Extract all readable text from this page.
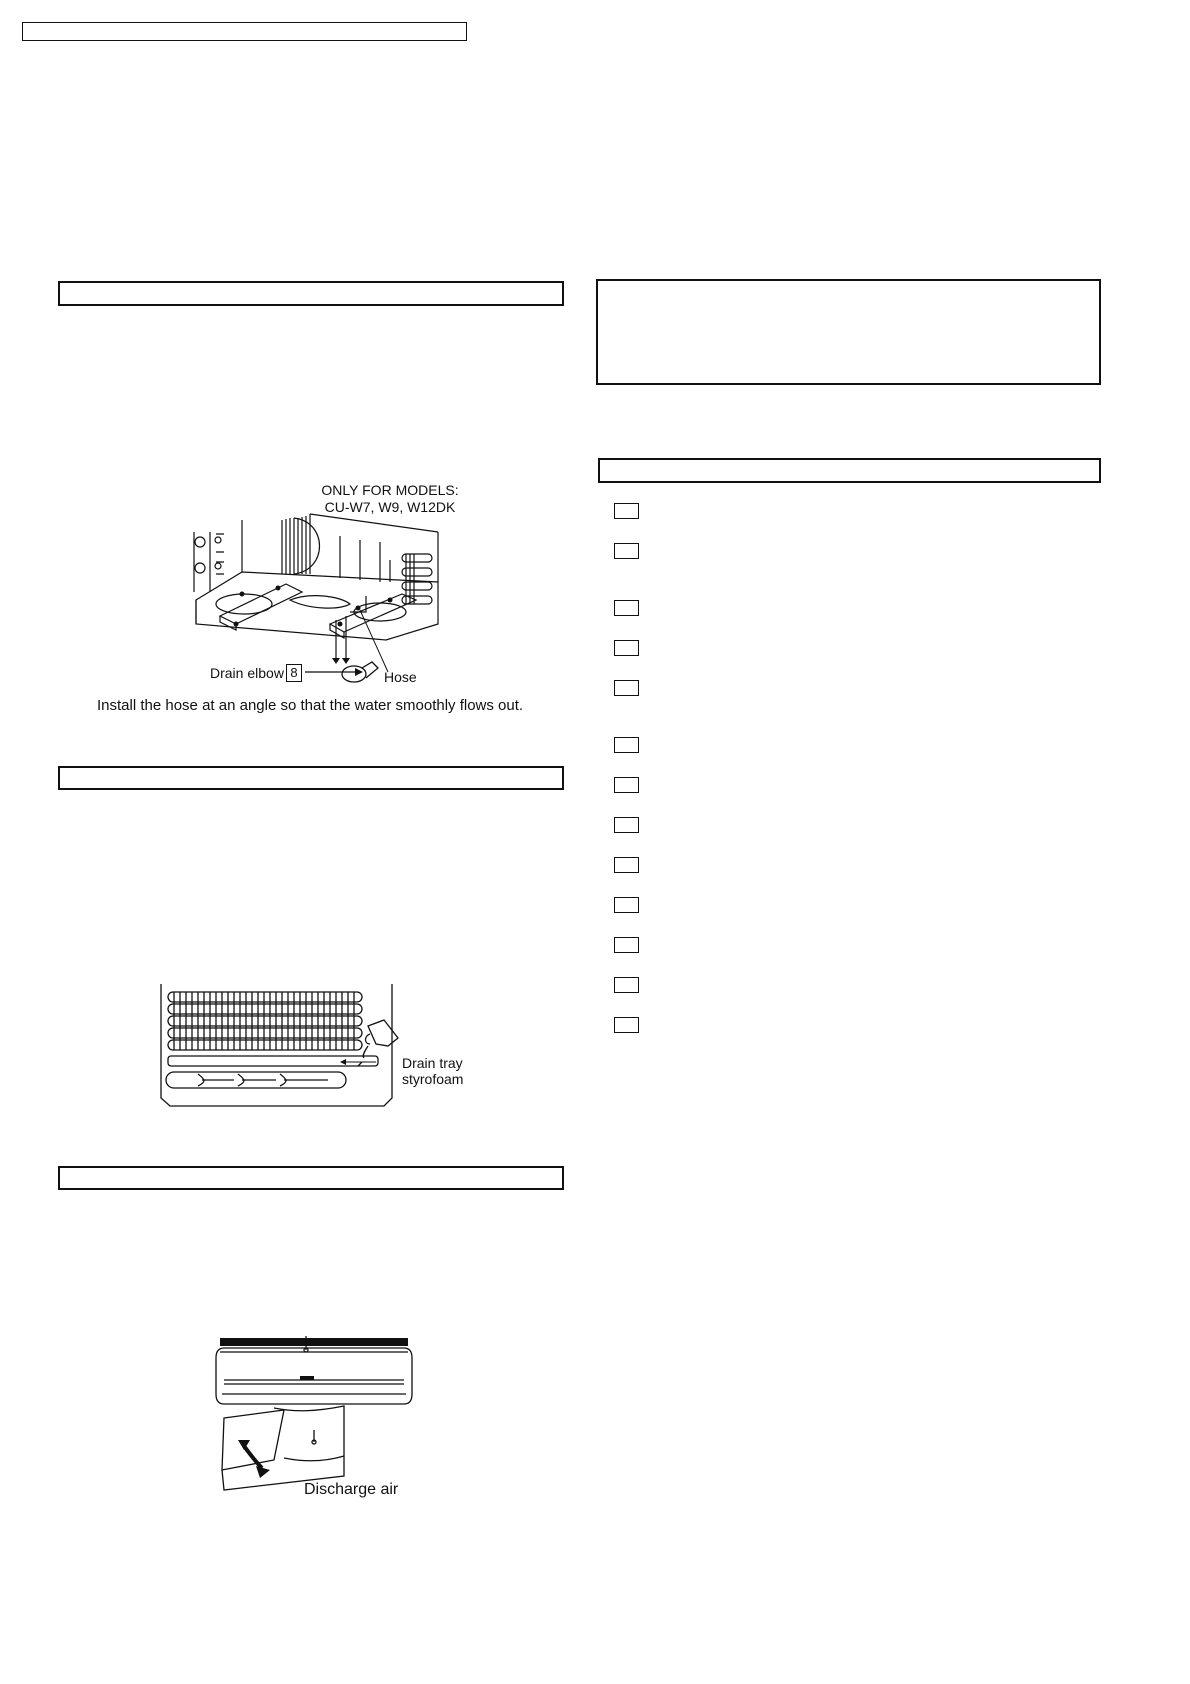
ONLY FOR MODELS:
CU-W7, W9, W12DK
Drain elbow 8	Hose
Install the hose at an angle so that the water smoothly flows out.
Drain tray
styrofoam
Discharge air
